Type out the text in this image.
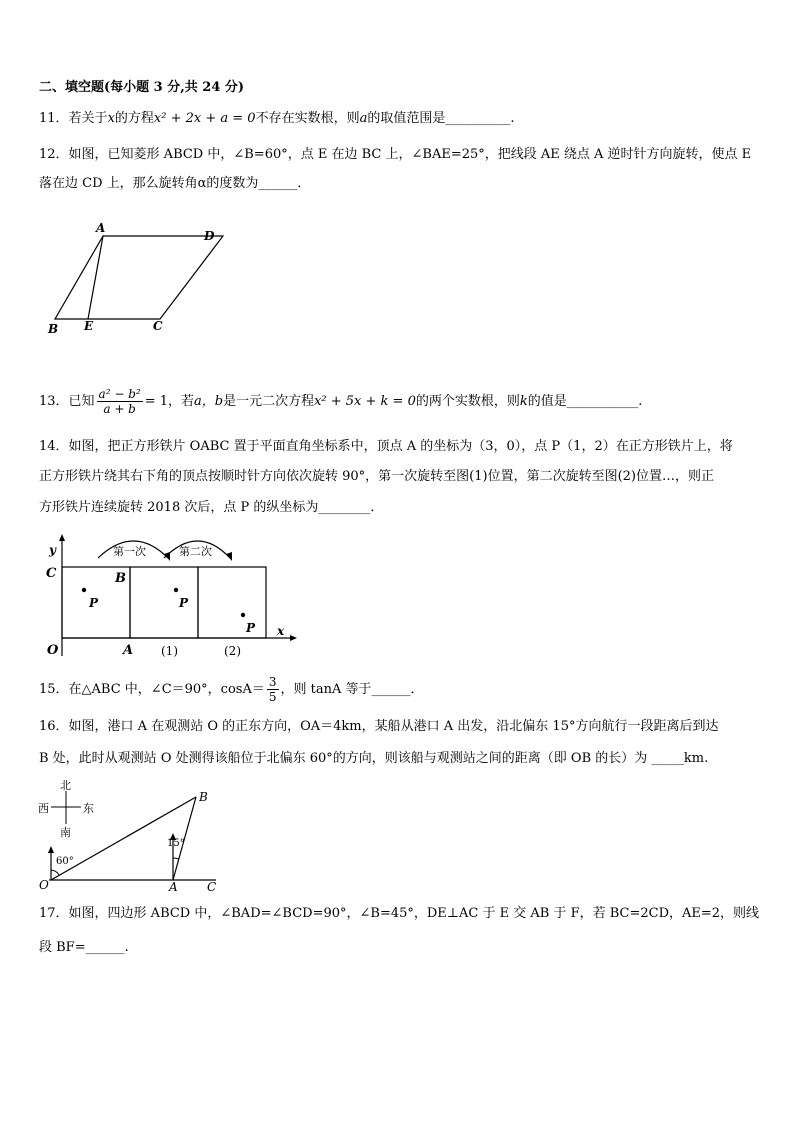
二、填空题(每小题 3 分,共 24 分)
11．若关于x的方程x² + 2x + a = 0不存在实数根，则a的取值范围是__________.
12．如图，已知菱形 ABCD 中，∠B=60°，点 E 在边 BC 上，∠BAE=25°，把线段 AE 绕点 A 逆时针方向旋转，使点 E
落在边 CD 上，那么旋转角α的度数为______．
A
D
B E	C
13．已知 $\frac{\text{a² − b²}}{a + b} = 1$，若a，b是一元二次方程x² + 5x + k = 0的两个实数根，则k的值是___________.
14．如图，把正方形铁片 OABC 置于平面直角坐标系中，顶点 A 的坐标为（3，0），点 P（1，2）在正方形铁片上，将
正方形铁片绕其右下角的顶点按顺时针方向依次旋转 90°，第一次旋转至图(1)位置，第二次旋转至图(2)位置…，则正
方形铁片连续旋转 2018 次后，点 P 的纵坐标为________．
第一次	第二次
P	P
P
y
x
C	B
O	A (1)	(2)
15．在△ABC 中，∠C＝90°，$\cos A= \frac{3}{5}$ ，则 tanA 等于______．
16．如图，港口 A 在观测站 O 的正东方向，OA＝4km，某船从港口 A 出发，沿北偏东 15°方向航行一段距离后到达
B 处，此时从观测站 O 处测得该船位于北偏东 60°的方向，则该船与观测站之间的距离（即 OB 的长）为 _____km.
北
西	东
南
60°
15°
B
O	A C
17．如图，四边形 ABCD 中，∠BAD=∠BCD=90°，∠B=45°，DE⊥AC 于 E 交 AB 于 F，若 BC=2CD，AE=2，则线
段 BF=______.
